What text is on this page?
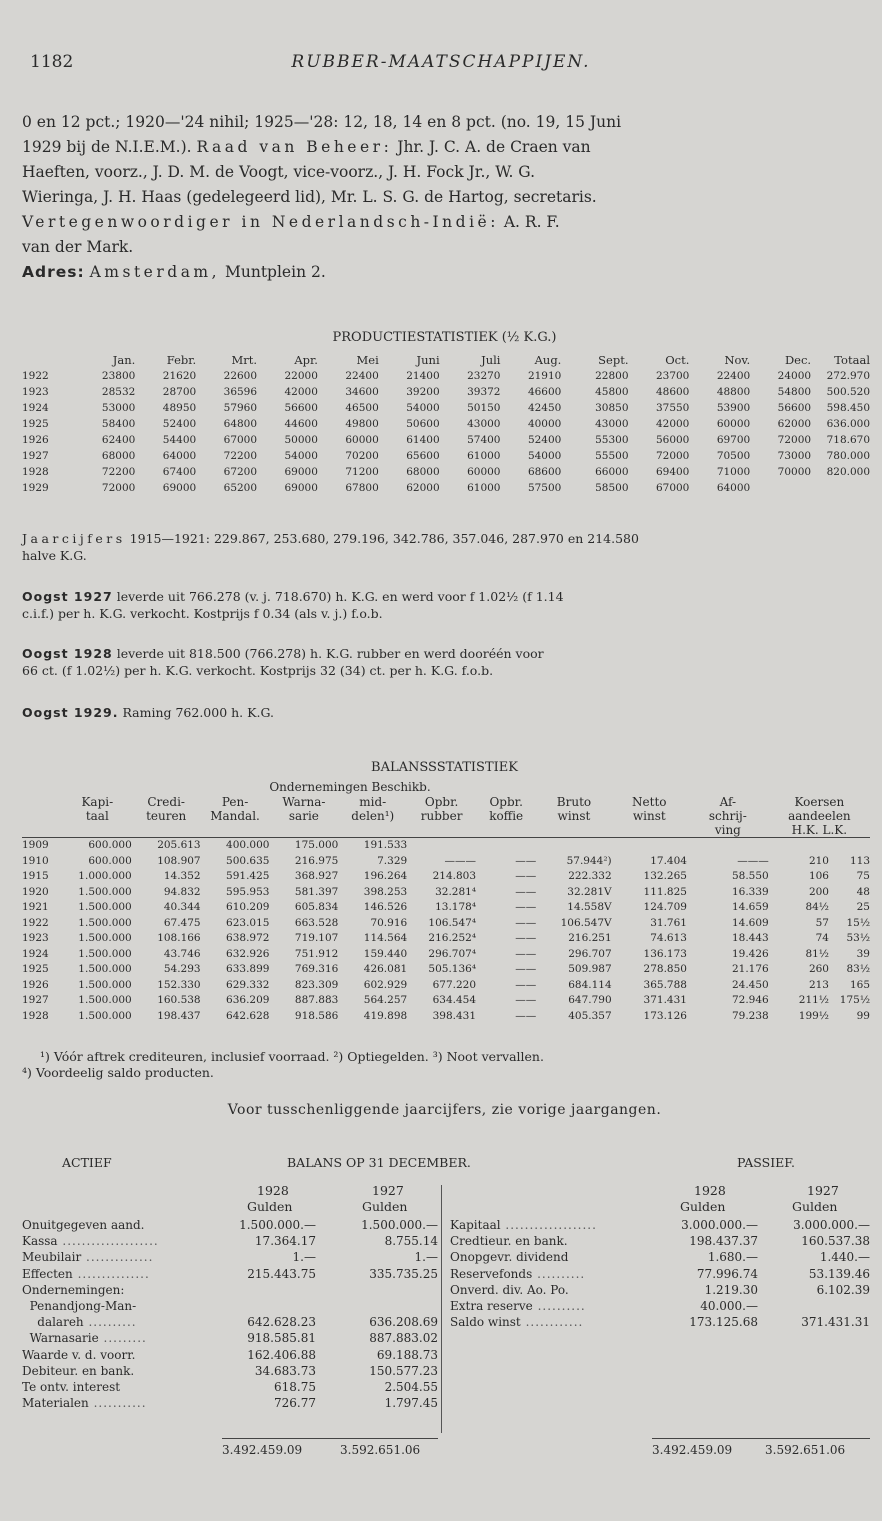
1182	RUBBER-MAATSCHAPPIJEN.
0 en 12 pct.; 1920—'24 nihil; 1925—'28: 12, 18, 14 en 8 pct. (no. 19, 15 Juni
1929 bij de N.I.E.M.). Raad van Beheer: Jhr. J. C. A. de Craen van
Haeften, voorz., J. D. M. de Voogt, vice-voorz., J. H. Fock Jr., W. G.
Wieringa, J. H. Haas (gedelegeerd lid), Mr. L. S. G. de Hartog, secretaris.
Vertegenwoordiger in Nederlandsch-Indië: A. R. F.
van der Mark.
Adres: Amsterdam, Muntplein 2.
PRODUCTIESTATISTIEK (½ K.G.)
	Jan.	Febr.	Mrt.	Apr.	Mei	Juni	Juli	Aug.	Sept.	Oct.	Nov.	Dec.	Totaal
1922	23800	21620	22600	22000	22400	21400	23270	21910	22800	23700	22400	24000	272.970
1923	28532	28700	36596	42000	34600	39200	39372	46600	45800	48600	48800	54800	500.520
1924	53000	48950	57960	56600	46500	54000	50150	42450	30850	37550	53900	56600	598.450
1925	58400	52400	64800	44600	49800	50600	43000	40000	43000	42000	60000	62000	636.000
1926	62400	54400	67000	50000	60000	61400	57400	52400	55300	56000	69700	72000	718.670
1927	68000	64000	72200	54000	70200	65600	61000	54000	55500	72000	70500	73000	780.000
1928	72200	67400	67200	69000	71200	68000	60000	68600	66000	69400	71000	70000	820.000
1929	72000	69000	65200	69000	67800	62000	61000	57500	58500	67000	64000		
Jaarcijfers 1915—1921: 229.867, 253.680, 279.196, 342.786, 357.046, 287.970 en 214.580
halve K.G.
Oogst 1927 leverde uit 766.278 (v. j. 718.670) h. K.G. en werd voor f 1.02½ (f 1.14
c.i.f.) per h. K.G. verkocht. Kostprijs f 0.34 (als v. j.) f.o.b.
Oogst 1928 leverde uit 818.500 (766.278) h. K.G. rubber en werd dooréén voor
66 ct. (f 1.02½) per h. K.G. verkocht. Kostprijs 32 (34) ct. per h. K.G. f.o.b.
Oogst 1929. Raming 762.000 h. K.G.
BALANSSSTATISTIEK
Ondernemingen Beschikb.
	Kapi-	Credi-	Pen-	Warna-	mid-	Opbr.	Opbr.	Bruto	Netto	Af-	Koersen	
	taal	teuren	Mandal.	sarie	delen¹)	rubber	koffie	winst	winst	schrij-	aandeelen	
										ving	H.K. L.K.	
1909	600.000	205.613	400.000	175.000	191.533							
1910	600.000	108.907	500.635	216.975	7.329	———	——	57.944²)	17.404	———	210	113
1915	1.000.000	14.352	591.425	368.927	196.264	214.803	——	222.332	132.265	58.550	106	75
1920	1.500.000	94.832	595.953	581.397	398.253	32.281⁴	——	32.281V	111.825	16.339	200	48
1921	1.500.000	40.344	610.209	605.834	146.526	13.178⁴	——	14.558V	124.709	14.659	84½	25
1922	1.500.000	67.475	623.015	663.528	70.916	106.547⁴	——	106.547V	31.761	14.609	57	15½
1923	1.500.000	108.166	638.972	719.107	114.564	216.252⁴	——	216.251	74.613	18.443	74	53½
1924	1.500.000	43.746	632.926	751.912	159.440	296.707⁴	——	296.707	136.173	19.426	81½	39
1925	1.500.000	54.293	633.899	769.316	426.081	505.136⁴	——	509.987	278.850	21.176	260	83½
1926	1.500.000	152.330	629.332	823.309	602.929	677.220	——	684.114	365.788	24.450	213	165
1927	1.500.000	160.538	636.209	887.883	564.257	634.454	——	647.790	371.431	72.946	211½	175½
1928	1.500.000	198.437	642.628	918.586	419.898	398.431	——	405.357	173.126	79.238	199½	99
¹) Vóór aftrek crediteuren, inclusief voorraad. ²) Optiegelden. ³) Noot vervallen.
⁴) Voordeelig saldo producten.
Voor tusschenliggende jaarcijfers, zie vorige jaargangen.
ACTIEF	BALANS OP 31 DECEMBER.	PASSIEF.
1928	1927
Gulden	Gulden
1928	1927
Gulden	Gulden
Onuitgegeven aand.	1.500.000.—	1.500.000.—
Kassa ....................	17.364.17	8.755.14
Meubilair ..............	1.—	1.—
Effecten ...............	215.443.75	335.735.25
Ondernemingen:		
Penandjong-Man-		
dalareh ..........	642.628.23	636.208.69
Warnasarie .........	918.585.81	887.883.02
Waarde v. d. voorr.	162.406.88	69.188.73
Debiteur. en bank.	34.683.73	150.577.23
Te ontv. interest	618.75	2.504.55
Materialen ...........	726.77	1.797.45
Kapitaal ...................	3.000.000.—	3.000.000.—
Credtieur. en bank.	198.437.37	160.537.38
Onopgevr. dividend	1.680.—	1.440.—
Reservefonds ..........	77.996.74	53.139.46
Onverd. div. Ao. Po.	1.219.30	6.102.39
Extra reserve ..........	40.000.—	
Saldo winst ............	173.125.68	371.431.31
3.492.459.09	3.592.651.06	3.492.459.09	3.592.651.06
